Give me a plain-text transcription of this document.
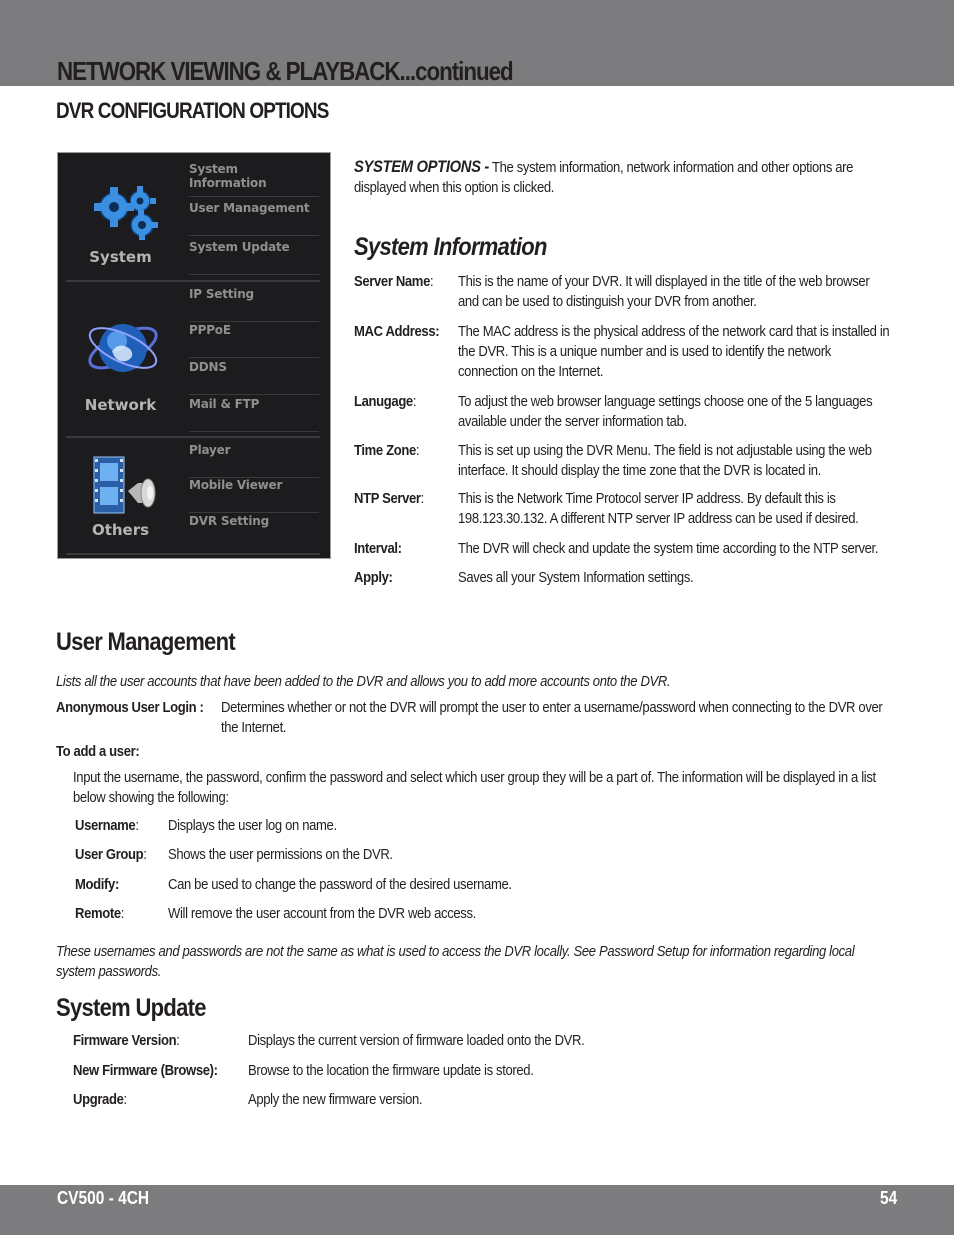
NETWORK VIEWING & PLAYBACK...continued
DVR CONFIGURATION OPTIONS
System
Network
Others
System Information
User Management
System Update
IP Setting
PPPoE
DDNS
Mail & FTP
Player
Mobile Viewer
DVR Setting

SYSTEM OPTIONS - The system information, network information and other options are displayed when this option is clicked.

System Information
Server Name: This is the name of your DVR. It will displayed in the title of the web browser and can be used to distinguish your DVR from another.
MAC Address: The MAC address is the physical address of the network card that is installed in the DVR. This is a unique number and is used to identify the network connection on the Internet.
Lanugage:	To adjust the web browser language settings choose one of the 5 languages available under the server information tab.
Time Zone:	This is set up using the DVR Menu. The field is not adjustable using the web interface. It should display the time zone that the DVR is located in.
NTP Server: This is the Network Time Protocol server IP address. By default this is 198.123.30.132. A different NTP server IP address can be used if desired.
Interval:	The DVR will check and update the system time according to the NTP server.
Apply:	Saves all your System Information settings.
User Management

Lists all the user accounts that have been added to the DVR and allows you to add more accounts onto the DVR.

Anonymous User Login : Determines whether or not the DVR will prompt the user to enter a username/password when connecting to the DVR over the Internet.

To add a user:

Input the username, the password, confirm the password and select which user group they will be a part of. The information will be displayed in a list below showing the following:

Username: Displays the user log on name.
User Group: Shows the user permissions on the DVR.
Modify:	Can be used to change the password of the desired username.
Remote:	Will remove the user account from the DVR web access.

These usernames and passwords are not the same as what is used to access the DVR locally. See Password Setup for information regarding local system passwords.

System Update
Firmware Version:	Displays the current version of firmware loaded onto the DVR.
New Firmware (Browse): Browse to the location the firmware update is stored.
Upgrade:	Apply the new firmware version.
CV500 - 4CH	54
